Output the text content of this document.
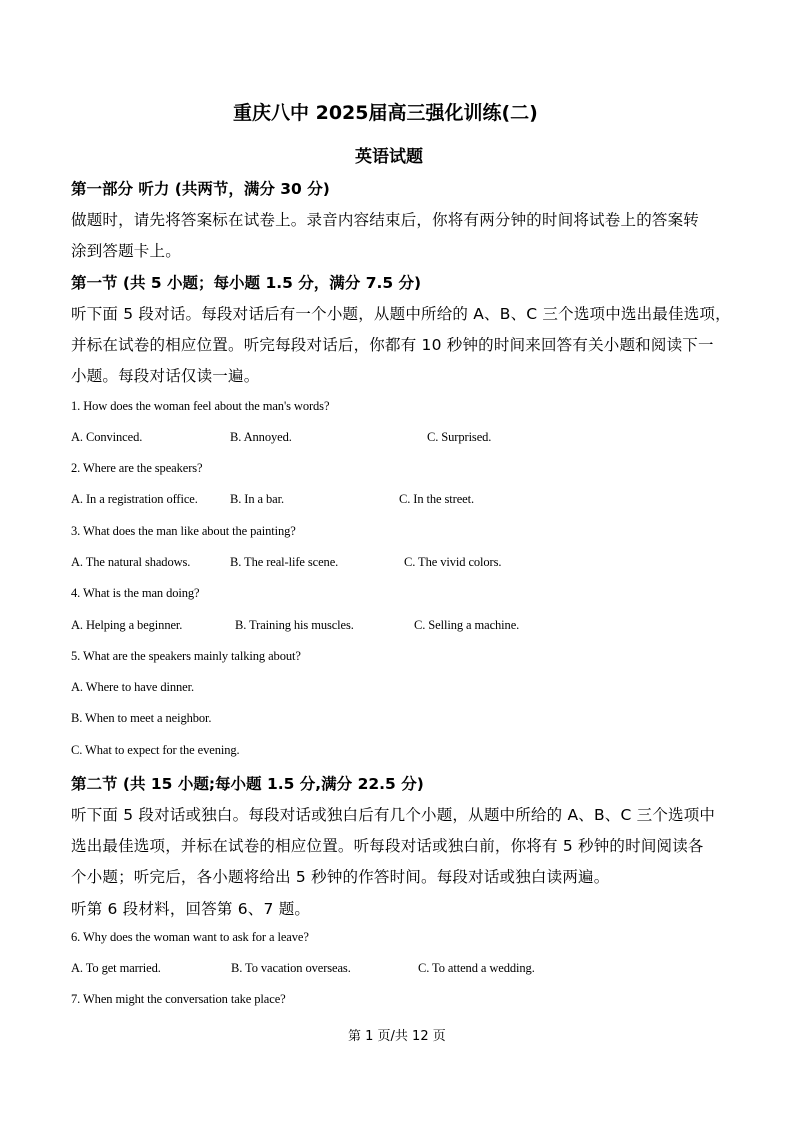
重庆八中 2025届高三强化训练(二)
英语试题
第一部分 听力 (共两节，满分 30 分)
做题时，请先将答案标在试卷上。录音内容结束后，你将有两分钟的时间将试卷上的答案转
涂到答题卡上。
第一节 (共 5 小题；每小题 1.5 分，满分 7.5 分)
听下面 5 段对话。每段对话后有一个小题，从题中所给的 A、B、C 三个选项中选出最佳选项，
并标在试卷的相应位置。听完每段对话后，你都有 10 秒钟的时间来回答有关小题和阅读下一
小题。每段对话仅读一遍。
1. How does the woman feel about the man's words?
A. Convinced.	B. Annoyed.	C. Surprised.
2. Where are the speakers?
A. In a registration office.	B. In a bar.	C. In the street.
3. What does the man like about the painting?
A. The natural shadows.	B. The real-life scene.	C. The vivid colors.
4. What is the man doing?
A. Helping a beginner.	B. Training his muscles.	C. Selling a machine.
5. What are the speakers mainly talking about?
A. Where to have dinner.
B. When to meet a neighbor.
C. What to expect for the evening.
第二节 (共 15 小题;每小题 1.5 分,满分 22.5 分)
听下面 5 段对话或独白。每段对话或独白后有几个小题，从题中所给的 A、B、C 三个选项中
选出最佳选项，并标在试卷的相应位置。听每段对话或独白前，你将有 5 秒钟的时间阅读各
个小题；听完后，各小题将给出 5 秒钟的作答时间。每段对话或独白读两遍。
听第 6 段材料，回答第 6、7 题。
6. Why does the woman want to ask for a leave?
A. To get married.	B. To vacation overseas.	C. To attend a wedding.
7. When might the conversation take place?
第 1 页/共 12 页
